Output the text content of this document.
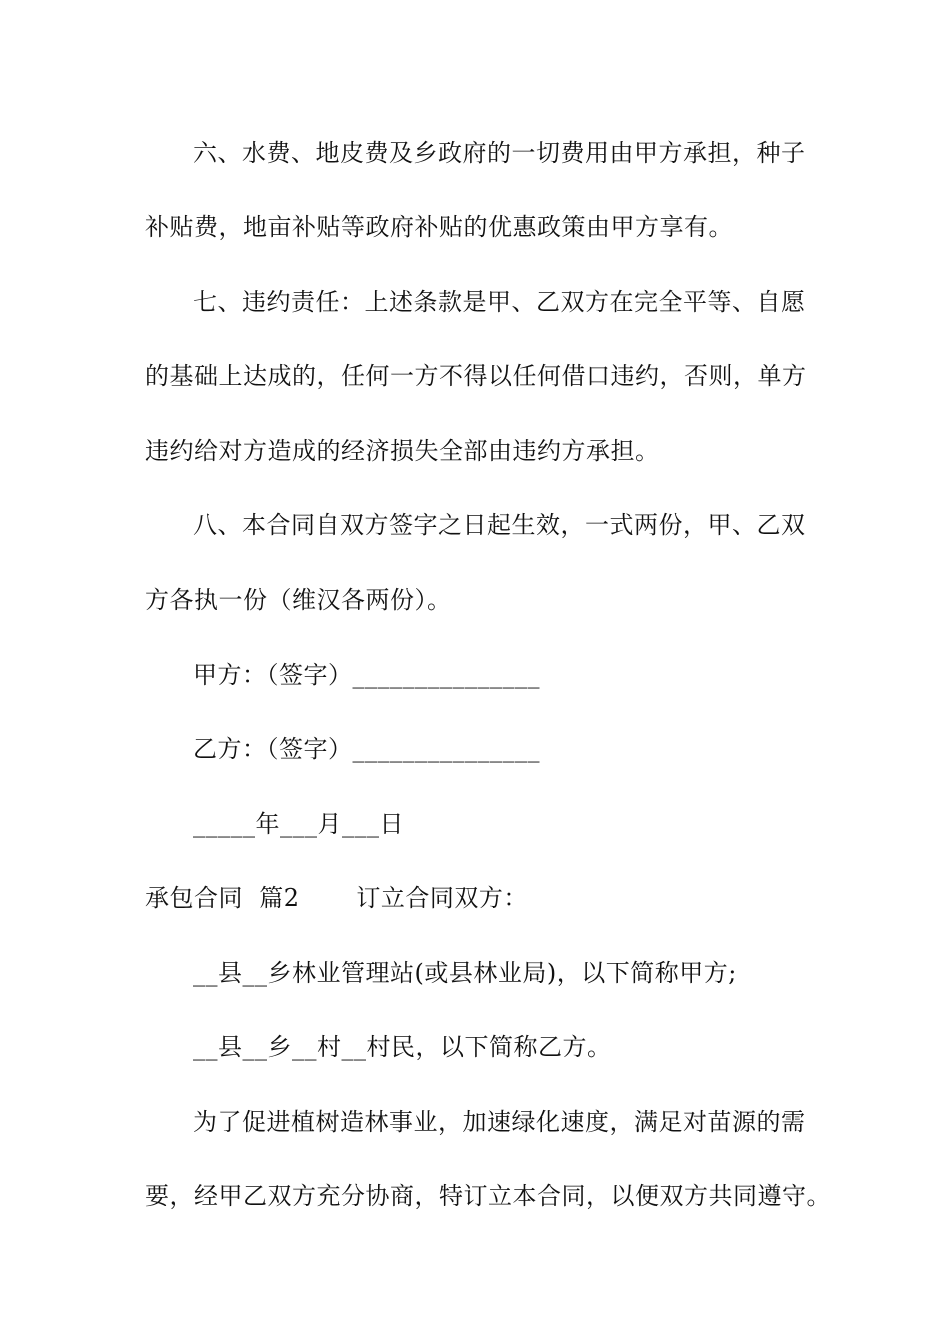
六、水费、地皮费及乡政府的一切费用由甲方承担，种子
补贴费，地亩补贴等政府补贴的优惠政策由甲方享有。
七、违约责任：上述条款是甲、乙双方在完全平等、自愿
的基础上达成的，任何一方不得以任何借口违约，否则，单方
违约给对方造成的经济损失全部由违约方承担。
八、本合同自双方签字之日起生效，一式两份，甲、乙双
方各执一份（维汉各两份）。
甲方：（签字）_______________
乙方：（签字）_______________
_____年___月___日
承包合同  篇2       订立合同双方：
__县__乡林业管理站(或县林业局)，以下简称甲方;
__县__乡__村__村民，以下简称乙方。
为了促进植树造林事业，加速绿化速度，满足对苗源的需
要，经甲乙双方充分协商，特订立本合同，以便双方共同遵守。
